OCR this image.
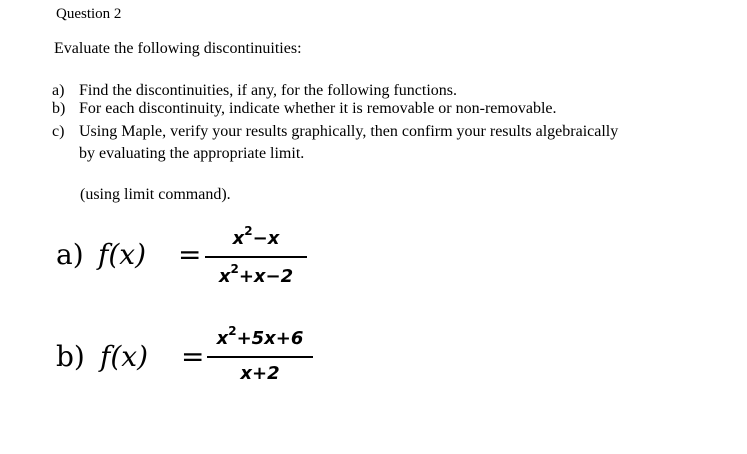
Question 2
Evaluate the following discontinuities:
a) Find the discontinuities, if any, for the following functions.
b) For each discontinuity, indicate whether it is removable or non-removable.
c) Using Maple, verify your results graphically, then confirm your results algebraically
by evaluating the appropriate limit.
(using limit command).
a) f(x) =	$x^2-x$
$x^2+x-2$
b) f(x) =
$x^2+5x+6$
x+2
